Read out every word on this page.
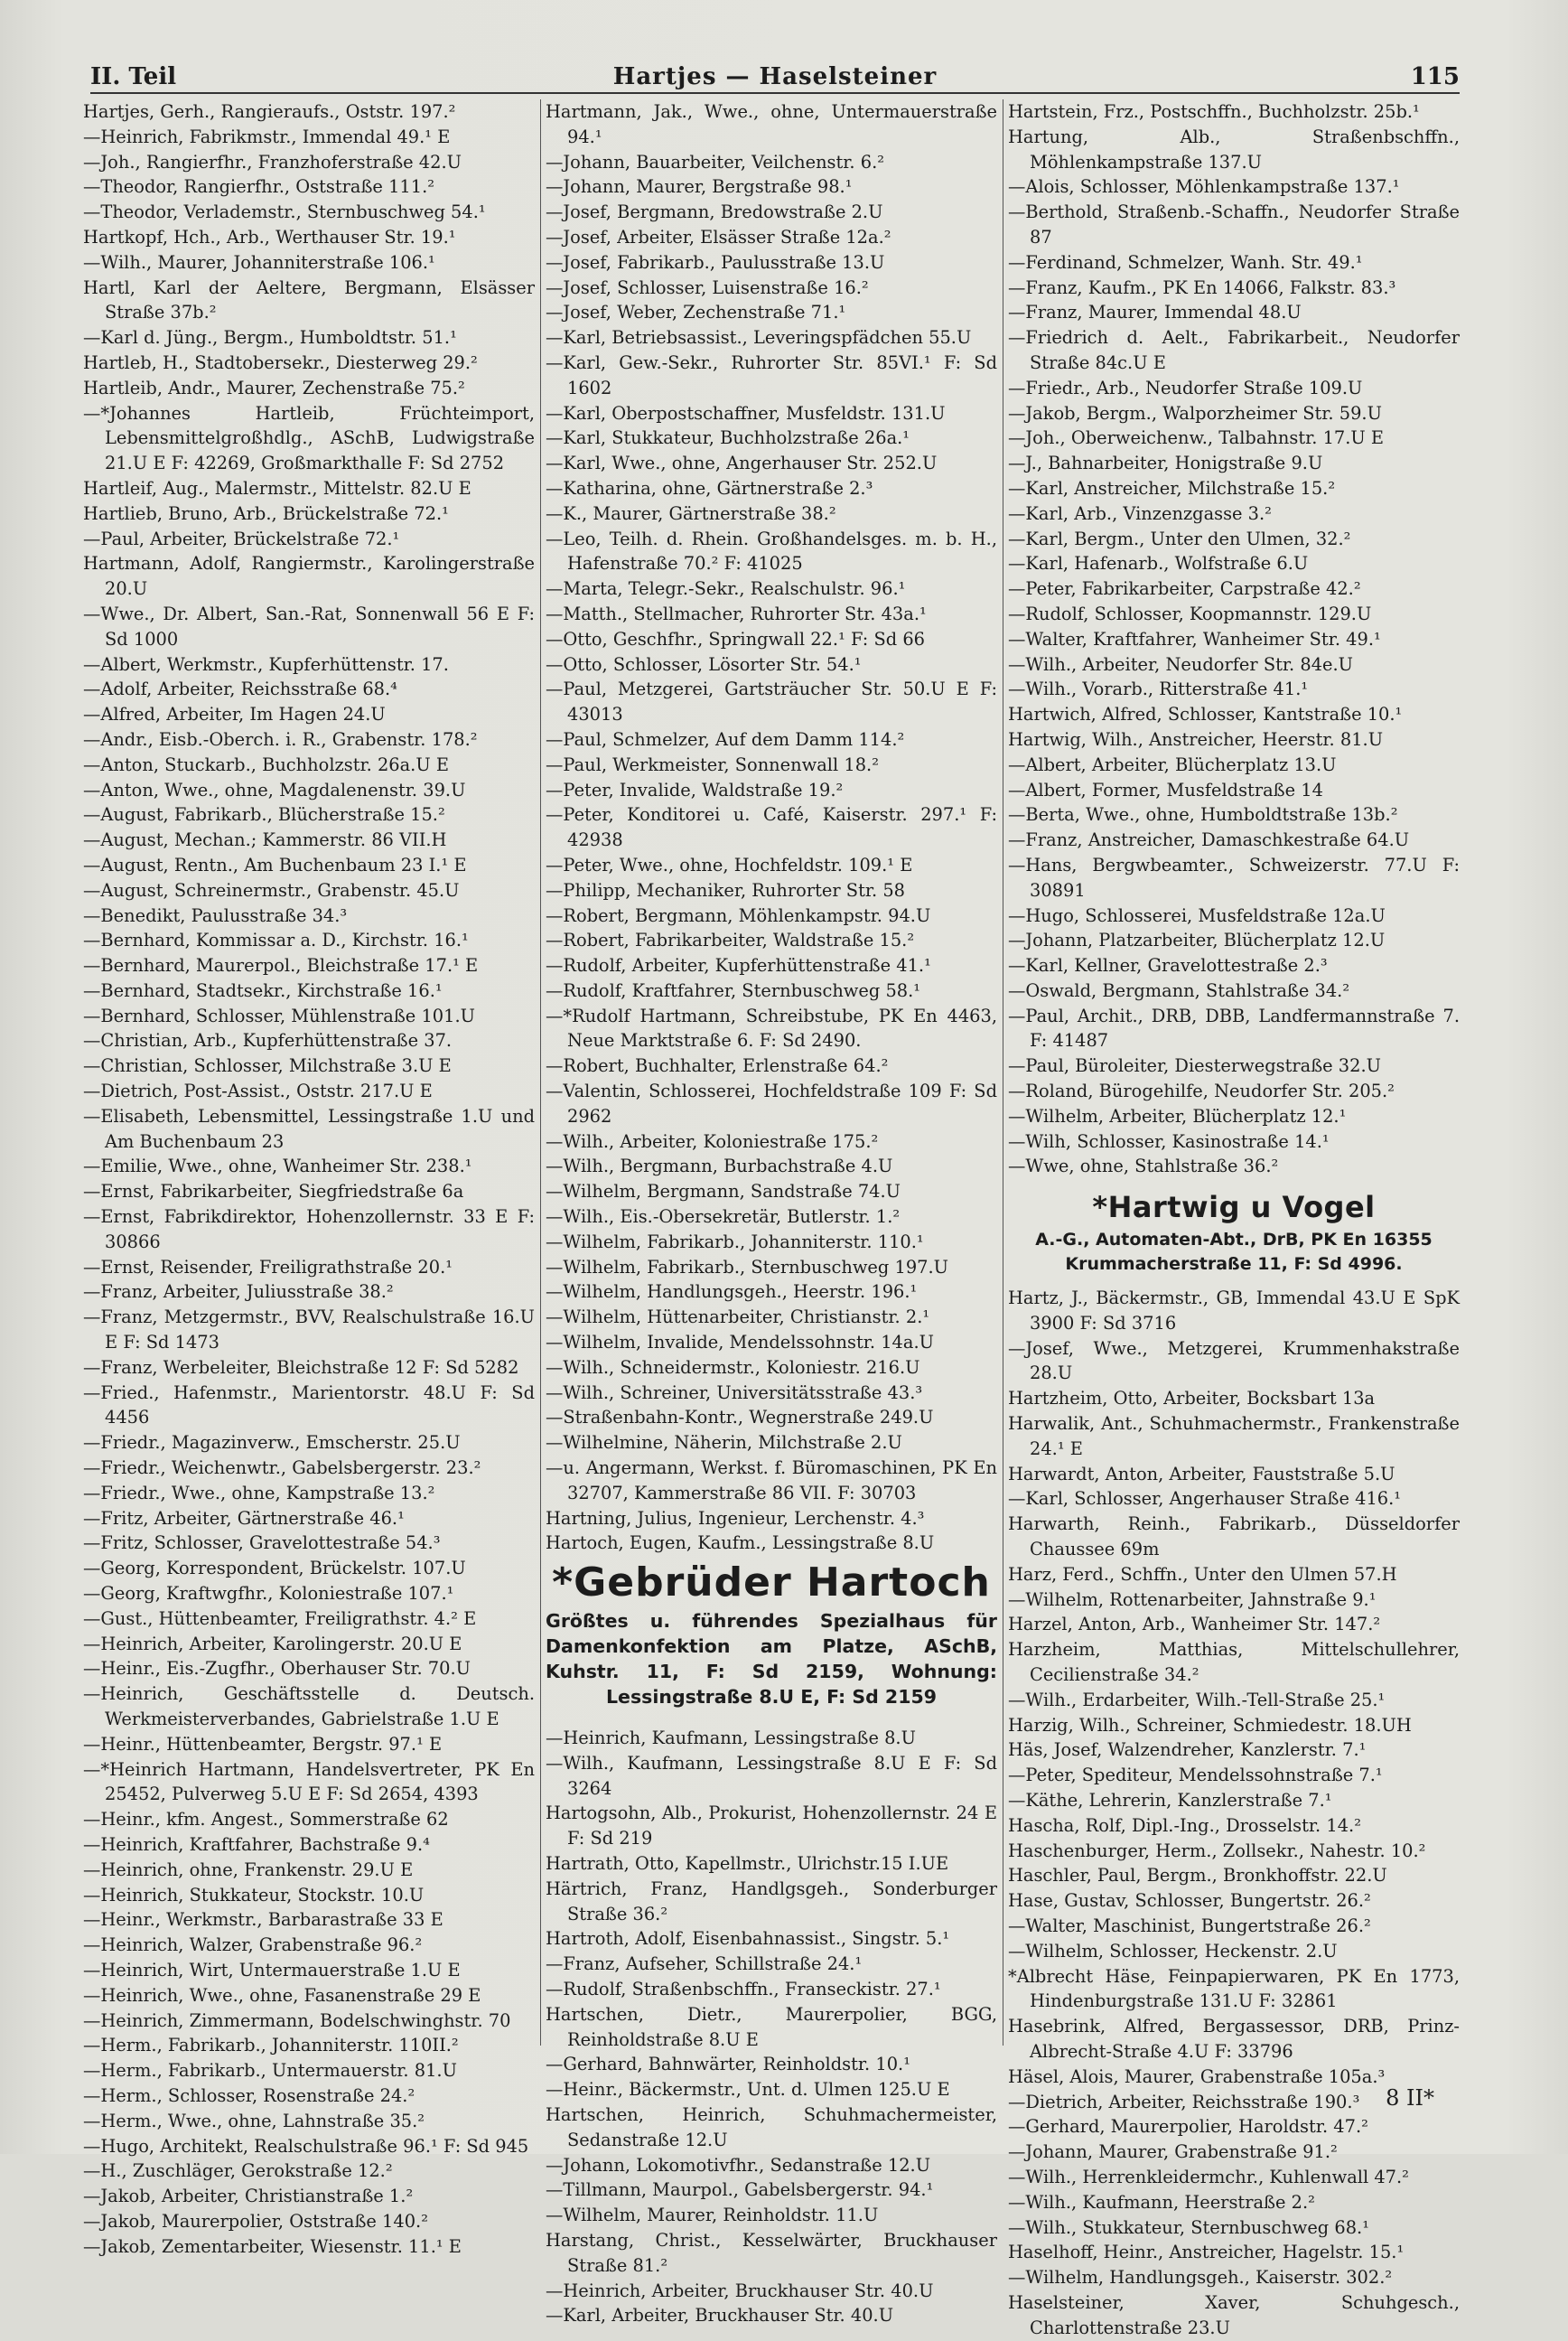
II. Teil	Hartjes — Haselsteiner	115

Hartjes, Gerh., Rangieraufs., Oststr. 197.²

—Heinrich, Fabrikmstr., Immendal 49.¹ E

—Joh., Rangierfhr., Franzhoferstraße 42.U

—Theodor, Rangierfhr., Oststraße 111.²

—Theodor, Verlademstr., Sternbuschweg 54.¹

Hartkopf, Hch., Arb., Werthauser Str. 19.¹

—Wilh., Maurer, Johanniterstraße 106.¹

Hartl, Karl der Aeltere, Bergmann, Elsässer Straße 37b.²

—Karl d. Jüng., Bergm., Humboldtstr. 51.¹

Hartleb, H., Stadtobersekr., Diesterweg 29.²

Hartleib, Andr., Maurer, Zechenstraße 75.²

—*Johannes Hartleib, Früchteimport, Lebensmittelgroßhdlg., ASchB, Ludwigstraße 21.U E F: 42269, Großmarkthalle F: Sd 2752

Hartleif, Aug., Malermstr., Mittelstr. 82.U E

Hartlieb, Bruno, Arb., Brückelstraße 72.¹

—Paul, Arbeiter, Brückelstraße 72.¹

Hartmann, Adolf, Rangiermstr., Karolingerstraße 20.U

—Wwe., Dr. Albert, San.-Rat, Sonnenwall 56 E F: Sd 1000

—Albert, Werkmstr., Kupferhüttenstr. 17.

—Adolf, Arbeiter, Reichsstraße 68.⁴

—Alfred, Arbeiter, Im Hagen 24.U

—Andr., Eisb.-Oberch. i. R., Grabenstr. 178.²

—Anton, Stuckarb., Buchholzstr. 26a.U E

—Anton, Wwe., ohne, Magdalenenstr. 39.U

—August, Fabrikarb., Blücherstraße 15.²

—August, Mechan.; Kammerstr. 86 VII.H

—August, Rentn., Am Buchenbaum 23 I.¹ E

—August, Schreinermstr., Grabenstr. 45.U

—Benedikt, Paulusstraße 34.³

—Bernhard, Kommissar a. D., Kirchstr. 16.¹

—Bernhard, Maurerpol., Bleichstraße 17.¹ E

—Bernhard, Stadtsekr., Kirchstraße 16.¹

—Bernhard, Schlosser, Mühlenstraße 101.U

—Christian, Arb., Kupferhüttenstraße 37.

—Christian, Schlosser, Milchstraße 3.U E

—Dietrich, Post-Assist., Oststr. 217.U E

—Elisabeth, Lebensmittel, Lessingstraße 1.U und Am Buchenbaum 23

—Emilie, Wwe., ohne, Wanheimer Str. 238.¹

—Ernst, Fabrikarbeiter, Siegfriedstraße 6a

—Ernst, Fabrikdirektor, Hohenzollernstr. 33 E F: 30866

—Ernst, Reisender, Freiligrathstraße 20.¹

—Franz, Arbeiter, Juliusstraße 38.²

—Franz, Metzgermstr., BVV, Realschulstraße 16.U E F: Sd 1473

—Franz, Werbeleiter, Bleichstraße 12 F: Sd 5282

—Fried., Hafenmstr., Marientorstr. 48.U F: Sd 4456

—Friedr., Magazinverw., Emscherstr. 25.U

—Friedr., Weichenwtr., Gabelsbergerstr. 23.²

—Friedr., Wwe., ohne, Kampstraße 13.²

—Fritz, Arbeiter, Gärtnerstraße 46.¹

—Fritz, Schlosser, Gravelottestraße 54.³

—Georg, Korrespondent, Brückelstr. 107.U

—Georg, Kraftwgfhr., Koloniestraße 107.¹

—Gust., Hüttenbeamter, Freiligrathstr. 4.² E

—Heinrich, Arbeiter, Karolingerstr. 20.U E

—Heinr., Eis.-Zugfhr., Oberhauser Str. 70.U

—Heinrich, Geschäftsstelle d. Deutsch. Werkmeisterverbandes, Gabrielstraße 1.U E

—Heinr., Hüttenbeamter, Bergstr. 97.¹ E

—*Heinrich Hartmann, Handelsvertreter, PK En 25452, Pulverweg 5.U E F: Sd 2654, 4393

—Heinr., kfm. Angest., Sommerstraße 62

—Heinrich, Kraftfahrer, Bachstraße 9.⁴

—Heinrich, ohne, Frankenstr. 29.U E

—Heinrich, Stukkateur, Stockstr. 10.U

—Heinr., Werkmstr., Barbarastraße 33 E

—Heinrich, Walzer, Grabenstraße 96.²

—Heinrich, Wirt, Untermauerstraße 1.U E

—Heinrich, Wwe., ohne, Fasanenstraße 29 E

—Heinrich, Zimmermann, Bodelschwinghstr. 70

—Herm., Fabrikarb., Johanniterstr. 110II.²

—Herm., Fabrikarb., Untermauerstr. 81.U

—Herm., Schlosser, Rosenstraße 24.²

—Herm., Wwe., ohne, Lahnstraße 35.²

—Hugo, Architekt, Realschulstraße 96.¹ F: Sd 945

—H., Zuschläger, Gerokstraße 12.²

—Jakob, Arbeiter, Christianstraße 1.²

—Jakob, Maurerpolier, Oststraße 140.²

—Jakob, Zementarbeiter, Wiesenstr. 11.¹ E

Hartmann, Jak., Wwe., ohne, Untermauerstraße 94.¹

—Johann, Bauarbeiter, Veilchenstr. 6.²

—Johann, Maurer, Bergstraße 98.¹

—Josef, Bergmann, Bredowstraße 2.U

—Josef, Arbeiter, Elsässer Straße 12a.²

—Josef, Fabrikarb., Paulusstraße 13.U

—Josef, Schlosser, Luisenstraße 16.²

—Josef, Weber, Zechenstraße 71.¹

—Karl, Betriebsassist., Leveringspfädchen 55.U

—Karl, Gew.-Sekr., Ruhrorter Str. 85VI.¹ F: Sd 1602

—Karl, Oberpostschaffner, Musfeldstr. 131.U

—Karl, Stukkateur, Buchholzstraße 26a.¹

—Karl, Wwe., ohne, Angerhauser Str. 252.U

—Katharina, ohne, Gärtnerstraße 2.³

—K., Maurer, Gärtnerstraße 38.²

—Leo, Teilh. d. Rhein. Großhandelsges. m. b. H., Hafenstraße 70.² F: 41025

—Marta, Telegr.-Sekr., Realschulstr. 96.¹

—Matth., Stellmacher, Ruhrorter Str. 43a.¹

—Otto, Geschfhr., Springwall 22.¹ F: Sd 66

—Otto, Schlosser, Lösorter Str. 54.¹

—Paul, Metzgerei, Gartsträucher Str. 50.U E F: 43013

—Paul, Schmelzer, Auf dem Damm 114.²

—Paul, Werkmeister, Sonnenwall 18.²

—Peter, Invalide, Waldstraße 19.²

—Peter, Konditorei u. Café, Kaiserstr. 297.¹ F: 42938

—Peter, Wwe., ohne, Hochfeldstr. 109.¹ E

—Philipp, Mechaniker, Ruhrorter Str. 58

—Robert, Bergmann, Möhlenkampstr. 94.U

—Robert, Fabrikarbeiter, Waldstraße 15.²

—Rudolf, Arbeiter, Kupferhüttenstraße 41.¹

—Rudolf, Kraftfahrer, Sternbuschweg 58.¹

—*Rudolf Hartmann, Schreibstube, PK En 4463, Neue Marktstraße 6. F: Sd 2490.

—Robert, Buchhalter, Erlenstraße 64.²

—Valentin, Schlosserei, Hochfeldstraße 109 F: Sd 2962

—Wilh., Arbeiter, Koloniestraße 175.²

—Wilh., Bergmann, Burbachstraße 4.U

—Wilhelm, Bergmann, Sandstraße 74.U

—Wilh., Eis.-Obersekretär, Butlerstr. 1.²

—Wilhelm, Fabrikarb., Johanniterstr. 110.¹

—Wilhelm, Fabrikarb., Sternbuschweg 197.U

—Wilhelm, Handlungsgeh., Heerstr. 196.¹

—Wilhelm, Hüttenarbeiter, Christianstr. 2.¹

—Wilhelm, Invalide, Mendelssohnstr. 14a.U

—Wilh., Schneidermstr., Koloniestr. 216.U

—Wilh., Schreiner, Universitätsstraße 43.³

—Straßenbahn-Kontr., Wegnerstraße 249.U

—Wilhelmine, Näherin, Milchstraße 2.U

—u. Angermann, Werkst. f. Büromaschinen, PK En 32707, Kammerstraße 86 VII. F: 30703

Hartning, Julius, Ingenieur, Lerchenstr. 4.³

Hartoch, Eugen, Kaufm., Lessingstraße 8.U

*Gebrüder Hartoch
Größtes u. führendes Spezialhaus für Damenkonfektion am Platze, ASchB, Kuhstr. 11, F: Sd 2159, Wohnung: Lessingstraße 8.U E, F: Sd 2159

—Heinrich, Kaufmann, Lessingstraße 8.U

—Wilh., Kaufmann, Lessingstraße 8.U E F: Sd 3264

Hartogsohn, Alb., Prokurist, Hohenzollernstr. 24 E F: Sd 219

Hartrath, Otto, Kapellmstr., Ulrichstr.15 I.UE

Härtrich, Franz, Handlgsgeh., Sonderburger Straße 36.²

Hartroth, Adolf, Eisenbahnassist., Singstr. 5.¹

—Franz, Aufseher, Schillstraße 24.¹

—Rudolf, Straßenbschffn., Franseckistr. 27.¹

Hartschen, Dietr., Maurerpolier, BGG, Reinholdstraße 8.U E

—Gerhard, Bahnwärter, Reinholdstr. 10.¹

—Heinr., Bäckermstr., Unt. d. Ulmen 125.U E

Hartschen, Heinrich, Schuhmachermeister, Sedanstraße 12.U

—Johann, Lokomotivfhr., Sedanstraße 12.U

—Tillmann, Maurpol., Gabelsbergerstr. 94.¹

—Wilhelm, Maurer, Reinholdstr. 11.U

Harstang, Christ., Kesselwärter, Bruckhauser Straße 81.²

—Heinrich, Arbeiter, Bruckhauser Str. 40.U

—Karl, Arbeiter, Bruckhauser Str. 40.U

Hartstein, Frz., Postschffn., Buchholzstr. 25b.¹

Hartung, Alb., Straßenbschffn., Möhlenkampstraße 137.U

—Alois, Schlosser, Möhlenkampstraße 137.¹

—Berthold, Straßenb.-Schaffn., Neudorfer Straße 87

—Ferdinand, Schmelzer, Wanh. Str. 49.¹

—Franz, Kaufm., PK En 14066, Falkstr. 83.³

—Franz, Maurer, Immendal 48.U

—Friedrich d. Aelt., Fabrikarbeit., Neudorfer Straße 84c.U E

—Friedr., Arb., Neudorfer Straße 109.U

—Jakob, Bergm., Walporzheimer Str. 59.U

—Joh., Oberweichenw., Talbahnstr. 17.U E

—J., Bahnarbeiter, Honigstraße 9.U

—Karl, Anstreicher, Milchstraße 15.²

—Karl, Arb., Vinzenzgasse 3.²

—Karl, Bergm., Unter den Ulmen, 32.²

—Karl, Hafenarb., Wolfstraße 6.U

—Peter, Fabrikarbeiter, Carpstraße 42.²

—Rudolf, Schlosser, Koopmannstr. 129.U

—Walter, Kraftfahrer, Wanheimer Str. 49.¹

—Wilh., Arbeiter, Neudorfer Str. 84e.U

—Wilh., Vorarb., Ritterstraße 41.¹

Hartwich, Alfred, Schlosser, Kantstraße 10.¹

Hartwig, Wilh., Anstreicher, Heerstr. 81.U

—Albert, Arbeiter, Blücherplatz 13.U

—Albert, Former, Musfeldstraße 14

—Berta, Wwe., ohne, Humboldtstraße 13b.²

—Franz, Anstreicher, Damaschkestraße 64.U

—Hans, Bergwbeamter., Schweizerstr. 77.U F: 30891

—Hugo, Schlosserei, Musfeldstraße 12a.U

—Johann, Platzarbeiter, Blücherplatz 12.U

—Karl, Kellner, Gravelottestraße 2.³

—Oswald, Bergmann, Stahlstraße 34.²

—Paul, Archit., DRB, DBB, Landfermannstraße 7. F: 41487

—Paul, Büroleiter, Diesterwegstraße 32.U

—Roland, Bürogehilfe, Neudorfer Str. 205.²

—Wilhelm, Arbeiter, Blücherplatz 12.¹

—Wilh, Schlosser, Kasinostraße 14.¹

—Wwe, ohne, Stahlstraße 36.²

*Hartwig u Vogel
A.-G., Automaten-Abt., DrB, PK En 16355
Krummacherstraße 11, F: Sd 4996.

Hartz, J., Bäckermstr., GB, Immendal 43.U E SpK 3900 F: Sd 3716

—Josef, Wwe., Metzgerei, Krummenhakstraße 28.U

Hartzheim, Otto, Arbeiter, Bocksbart 13a

Harwalik, Ant., Schuhmachermstr., Frankenstraße 24.¹ E

Harwardt, Anton, Arbeiter, Fauststraße 5.U

—Karl, Schlosser, Angerhauser Straße 416.¹

Harwarth, Reinh., Fabrikarb., Düsseldorfer Chaussee 69m

Harz, Ferd., Schffn., Unter den Ulmen 57.H

—Wilhelm, Rottenarbeiter, Jahnstraße 9.¹

Harzel, Anton, Arb., Wanheimer Str. 147.²

Harzheim, Matthias, Mittelschullehrer, Cecilienstraße 34.²

—Wilh., Erdarbeiter, Wilh.-Tell-Straße 25.¹

Harzig, Wilh., Schreiner, Schmiedestr. 18.UH

Häs, Josef, Walzendreher, Kanzlerstr. 7.¹

—Peter, Spediteur, Mendelssohnstraße 7.¹

—Käthe, Lehrerin, Kanzlerstraße 7.¹

Hascha, Rolf, Dipl.-Ing., Drosselstr. 14.²

Haschenburger, Herm., Zollsekr., Nahestr. 10.²

Haschler, Paul, Bergm., Bronkhoffstr. 22.U

Hase, Gustav, Schlosser, Bungertstr. 26.²

—Walter, Maschinist, Bungertstraße 26.²

—Wilhelm, Schlosser, Heckenstr. 2.U

*Albrecht Häse, Feinpapierwaren, PK En 1773, Hindenburgstraße 131.U F: 32861

Hasebrink, Alfred, Bergassessor, DRB, Prinz-Albrecht-Straße 4.U F: 33796

Häsel, Alois, Maurer, Grabenstraße 105a.³

—Dietrich, Arbeiter, Reichsstraße 190.³

—Gerhard, Maurerpolier, Haroldstr. 47.²

—Johann, Maurer, Grabenstraße 91.²

—Wilh., Herrenkleidermchr., Kuhlenwall 47.²

—Wilh., Kaufmann, Heerstraße 2.²

—Wilh., Stukkateur, Sternbuschweg 68.¹

Haselhoff, Heinr., Anstreicher, Hagelstr. 15.¹

—Wilhelm, Handlungsgeh., Kaiserstr. 302.²

Haselsteiner, Xaver, Schuhgesch., Charlottenstraße 23.U

8 II*
